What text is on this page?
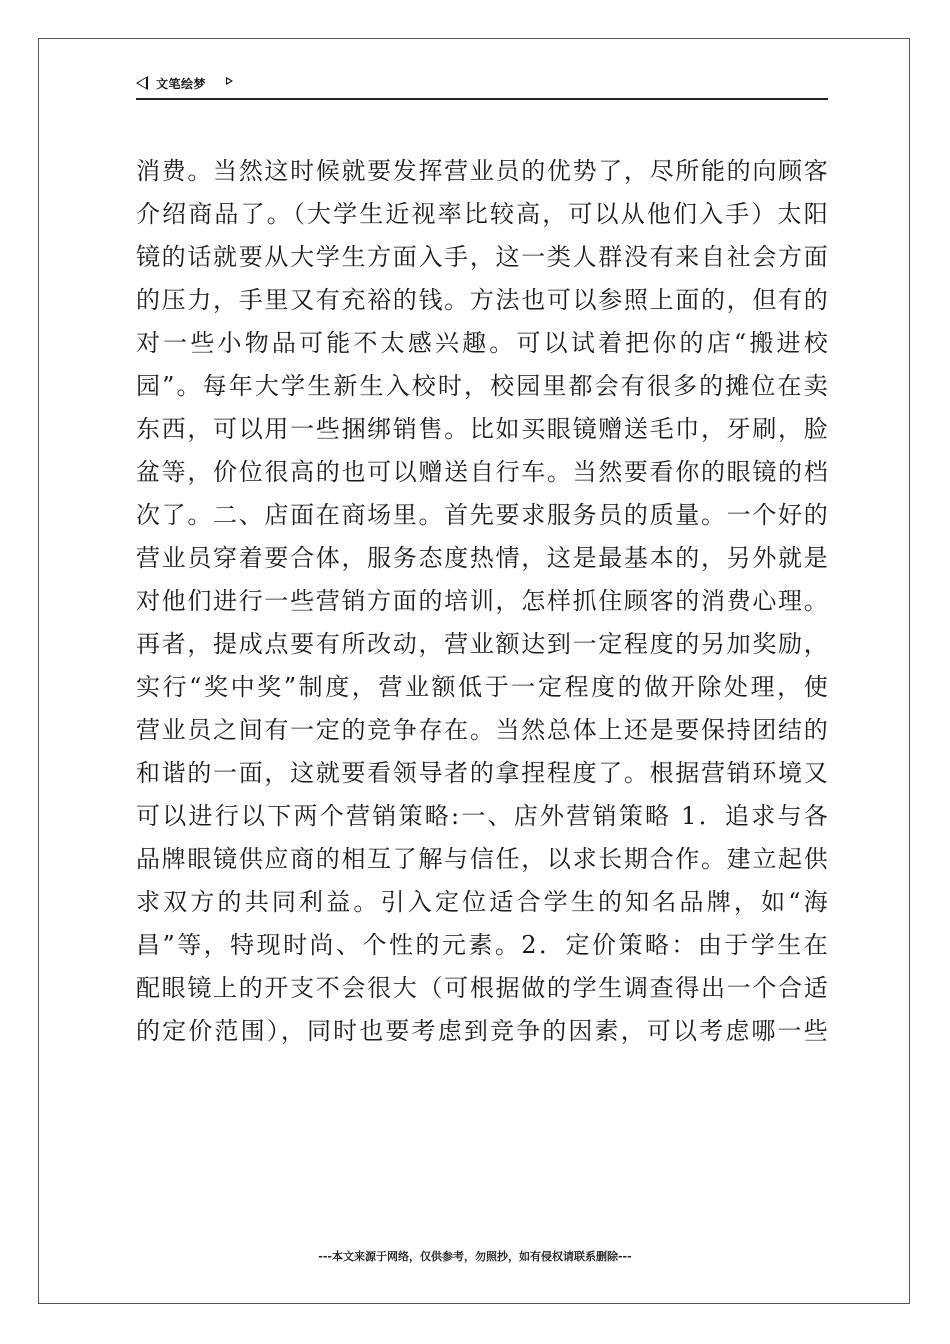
文笔绘梦
消费。当然这时候就要发挥营业员的优势了，尽所能的向顾客
介绍商品了。（大学生近视率比较高，可以从他们入手）太阳
镜的话就要从大学生方面入手，这一类人群没有来自社会方面
的压力，手里又有充裕的钱。方法也可以参照上面的，但有的
对一些小物品可能不太感兴趣。可以试着把你的店“搬进校
园”。每年大学生新生入校时，校园里都会有很多的摊位在卖
东西，可以用一些捆绑销售。比如买眼镜赠送毛巾，牙刷，脸
盆等，价位很高的也可以赠送自行车。当然要看你的眼镜的档
次了。二、店面在商场里。首先要求服务员的质量。一个好的
营业员穿着要合体，服务态度热情，这是最基本的，另外就是
对他们进行一些营销方面的培训，怎样抓住顾客的消费心理。
再者，提成点要有所改动，营业额达到一定程度的另加奖励，
实行“奖中奖”制度，营业额低于一定程度的做开除处理，使
营业员之间有一定的竞争存在。当然总体上还是要保持团结的
和谐的一面，这就要看领导者的拿捏程度了。根据营销环境又
可以进行以下两个营销策略:一、店外营销策略 1．追求与各
品牌眼镜供应商的相互了解与信任，以求长期合作。建立起供
求双方的共同利益。引入定位适合学生的知名品牌，如“海
昌”等，特现时尚、个性的元素。2．定价策略：由于学生在
配眼镜上的开支不会很大（可根据做的学生调查得出一个合适
的定价范围），同时也要考虑到竞争的因素，可以考虑哪一些
---本文来源于网络，仅供参考，勿照抄，如有侵权请联系删除---
